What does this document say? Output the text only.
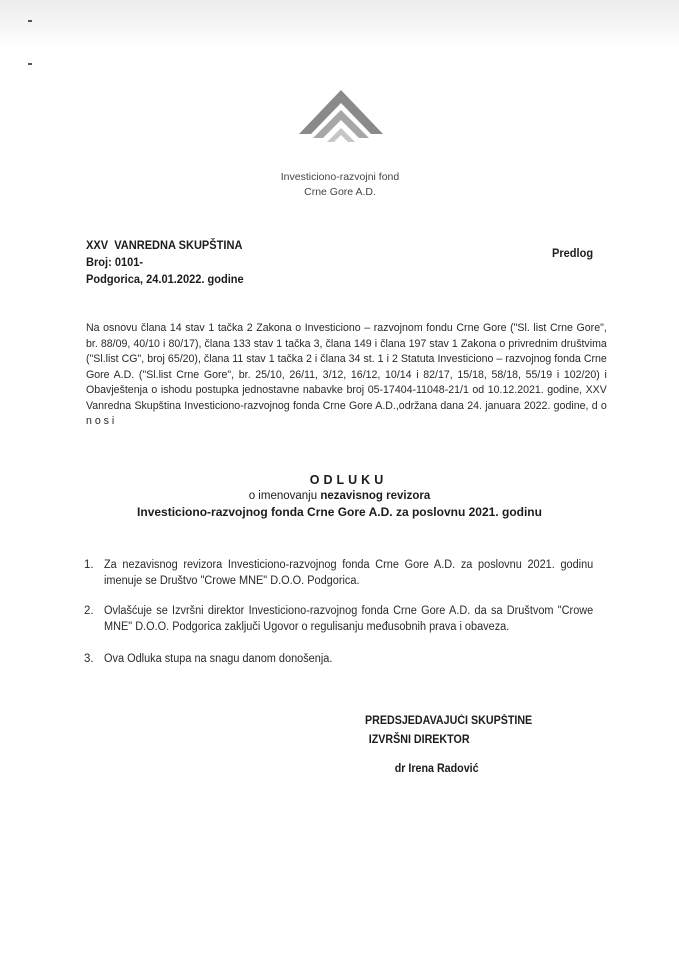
Investiciono-razvojni fond
Crne Gore A.D.
XXV  VANREDNA SKUPŠTINA
Broj: 0101-
Podgorica, 24.01.2022. godine
Predlog
Na osnovu člana 14 stav 1 tačka 2 Zakona o Investiciono – razvojnom fondu Crne Gore ("Sl. list Crne Gore", br. 88/09, 40/10 i 80/17), člana 133 stav 1 tačka 3, člana 149 i člana 197 stav 1 Zakona o privrednim društvima ("Sl.list CG", broj 65/20), člana 11 stav 1 tačka 2 i člana 34 st. 1 i 2 Statuta Investiciono – razvojnog fonda Crne Gore A.D. ("Sl.list Crne Gore", br. 25/10, 26/11, 3/12, 16/12, 10/14 i 82/17, 15/18, 58/18, 55/19 i 102/20) i Obavještenja o ishodu postupka jednostavne nabavke broj 05-17404-11048-21/1 od 10.12.2021. godine, XXV Vanredna Skupština Investiciono-razvojnog fonda Crne Gore A.D.,održana dana 24. januara 2022. godine, d o n o s i
ODLUKU
o imenovanju nezavisnog revizora
Investiciono-razvojnog fonda Crne Gore A.D. za poslovnu 2021. godinu
1. Za nezavisnog revizora Investiciono-razvojnog fonda Crne Gore A.D. za poslovnu 2021. godinu imenuje se Društvo "Crowe MNE" D.O.O. Podgorica.
2. Ovlašćuje se Izvršni direktor Investiciono-razvojnog fonda Crne Gore A.D. da sa Društvom "Crowe MNE" D.O.O. Podgorica zaključi Ugovor o regulisanju međusobnih prava i obaveza.
3. Ova Odluka stupa na snagu danom donošenja.
PREDSJEDAVAJUĆI SKUPŠTINE
IZVRŠNI DIREKTOR
dr Irena Radović
